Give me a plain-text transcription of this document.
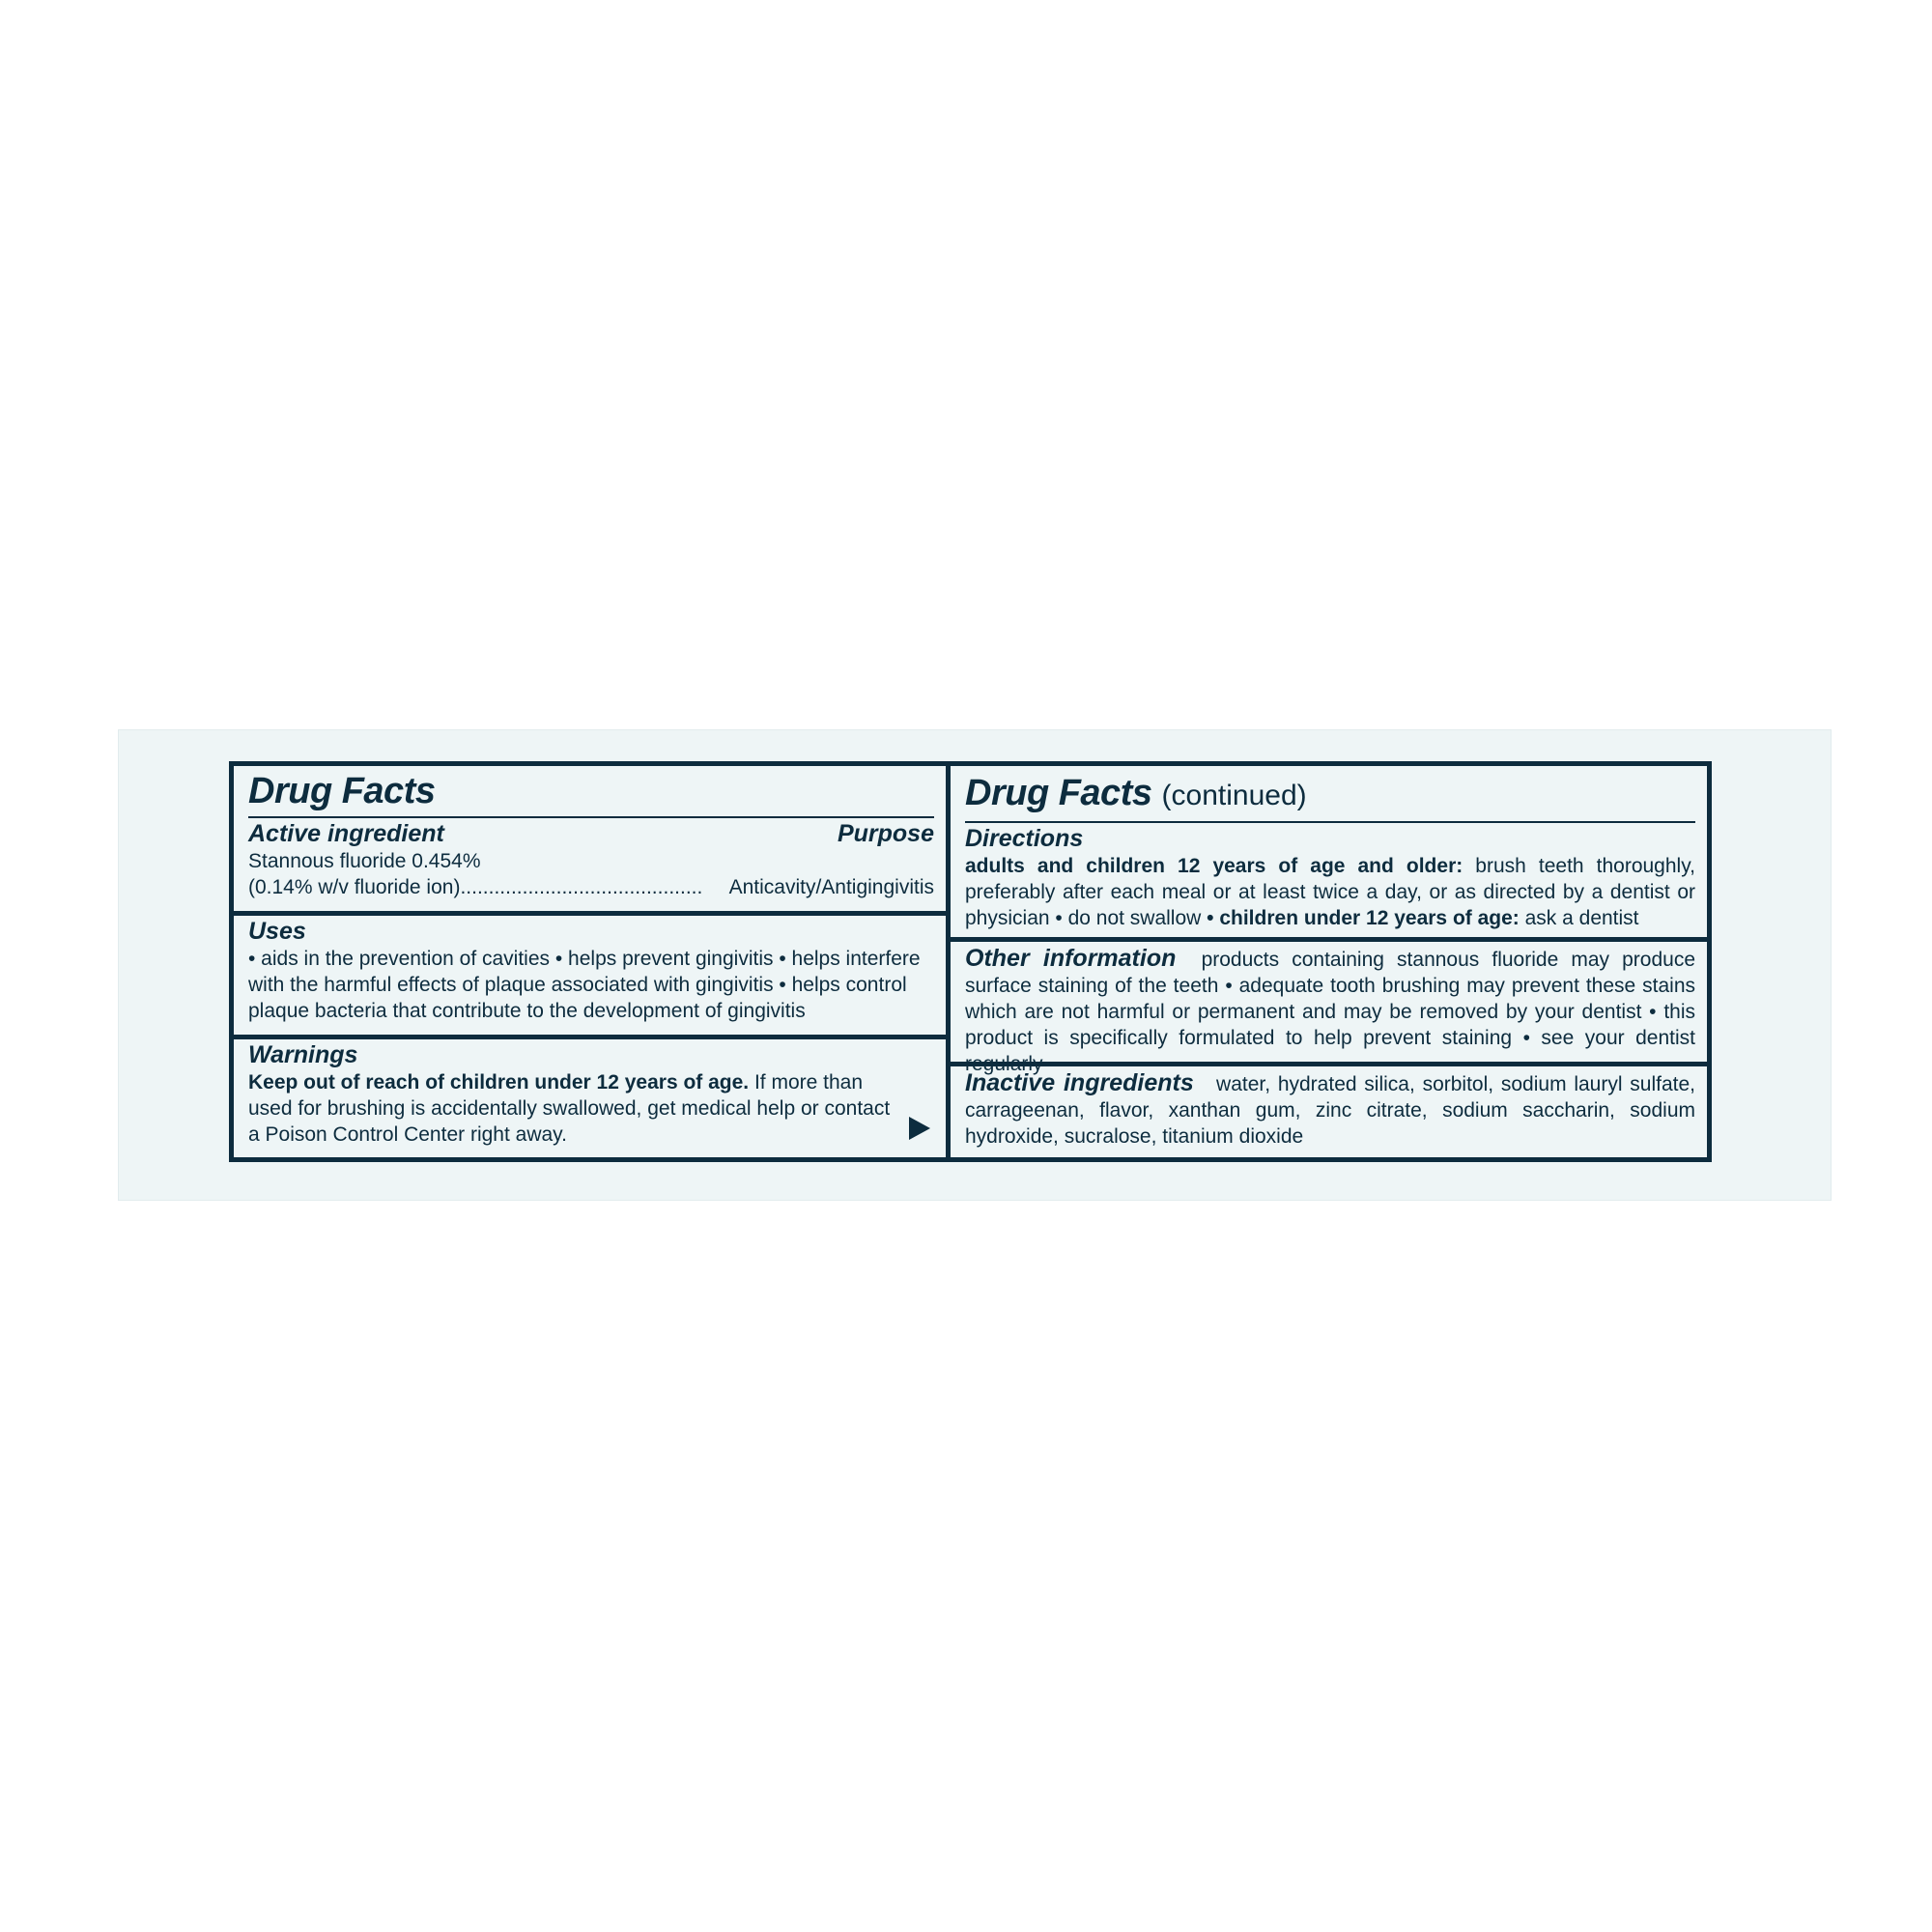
Drug Facts
Active ingredient	Purpose
Stannous fluoride 0.454%
(0.14% w/v fluoride ion)........................................... Anticavity/Antigingivitis
Uses
• aids in the prevention of cavities • helps prevent gingivitis • helps interfere with the harmful effects of plaque associated with gingivitis • helps control plaque bacteria that contribute to the development of gingivitis
Warnings
Keep out of reach of children under 12 years of age. If more than used for brushing is accidentally swallowed, get medical help or contact a Poison Control Center right away.
Drug Facts (continued)
Directions
adults and children 12 years of age and older: brush teeth thoroughly, preferably after each meal or at least twice a day, or as directed by a dentist or physician • do not swallow • children under 12 years of age: ask a dentist
Other information products containing stannous fluoride may produce surface staining of the teeth • adequate tooth brushing may prevent these stains which are not harmful or permanent and may be removed by your dentist • this product is specifically formulated to help prevent staining • see your dentist
Inactive ingredients water, hydrated silica, sorbitol, sodium lauryl sulfate, carrageenan, flavor, xanthan gum, zinc citrate, sodium saccharin, sodium hydroxide, sucralose, titanium dioxide
